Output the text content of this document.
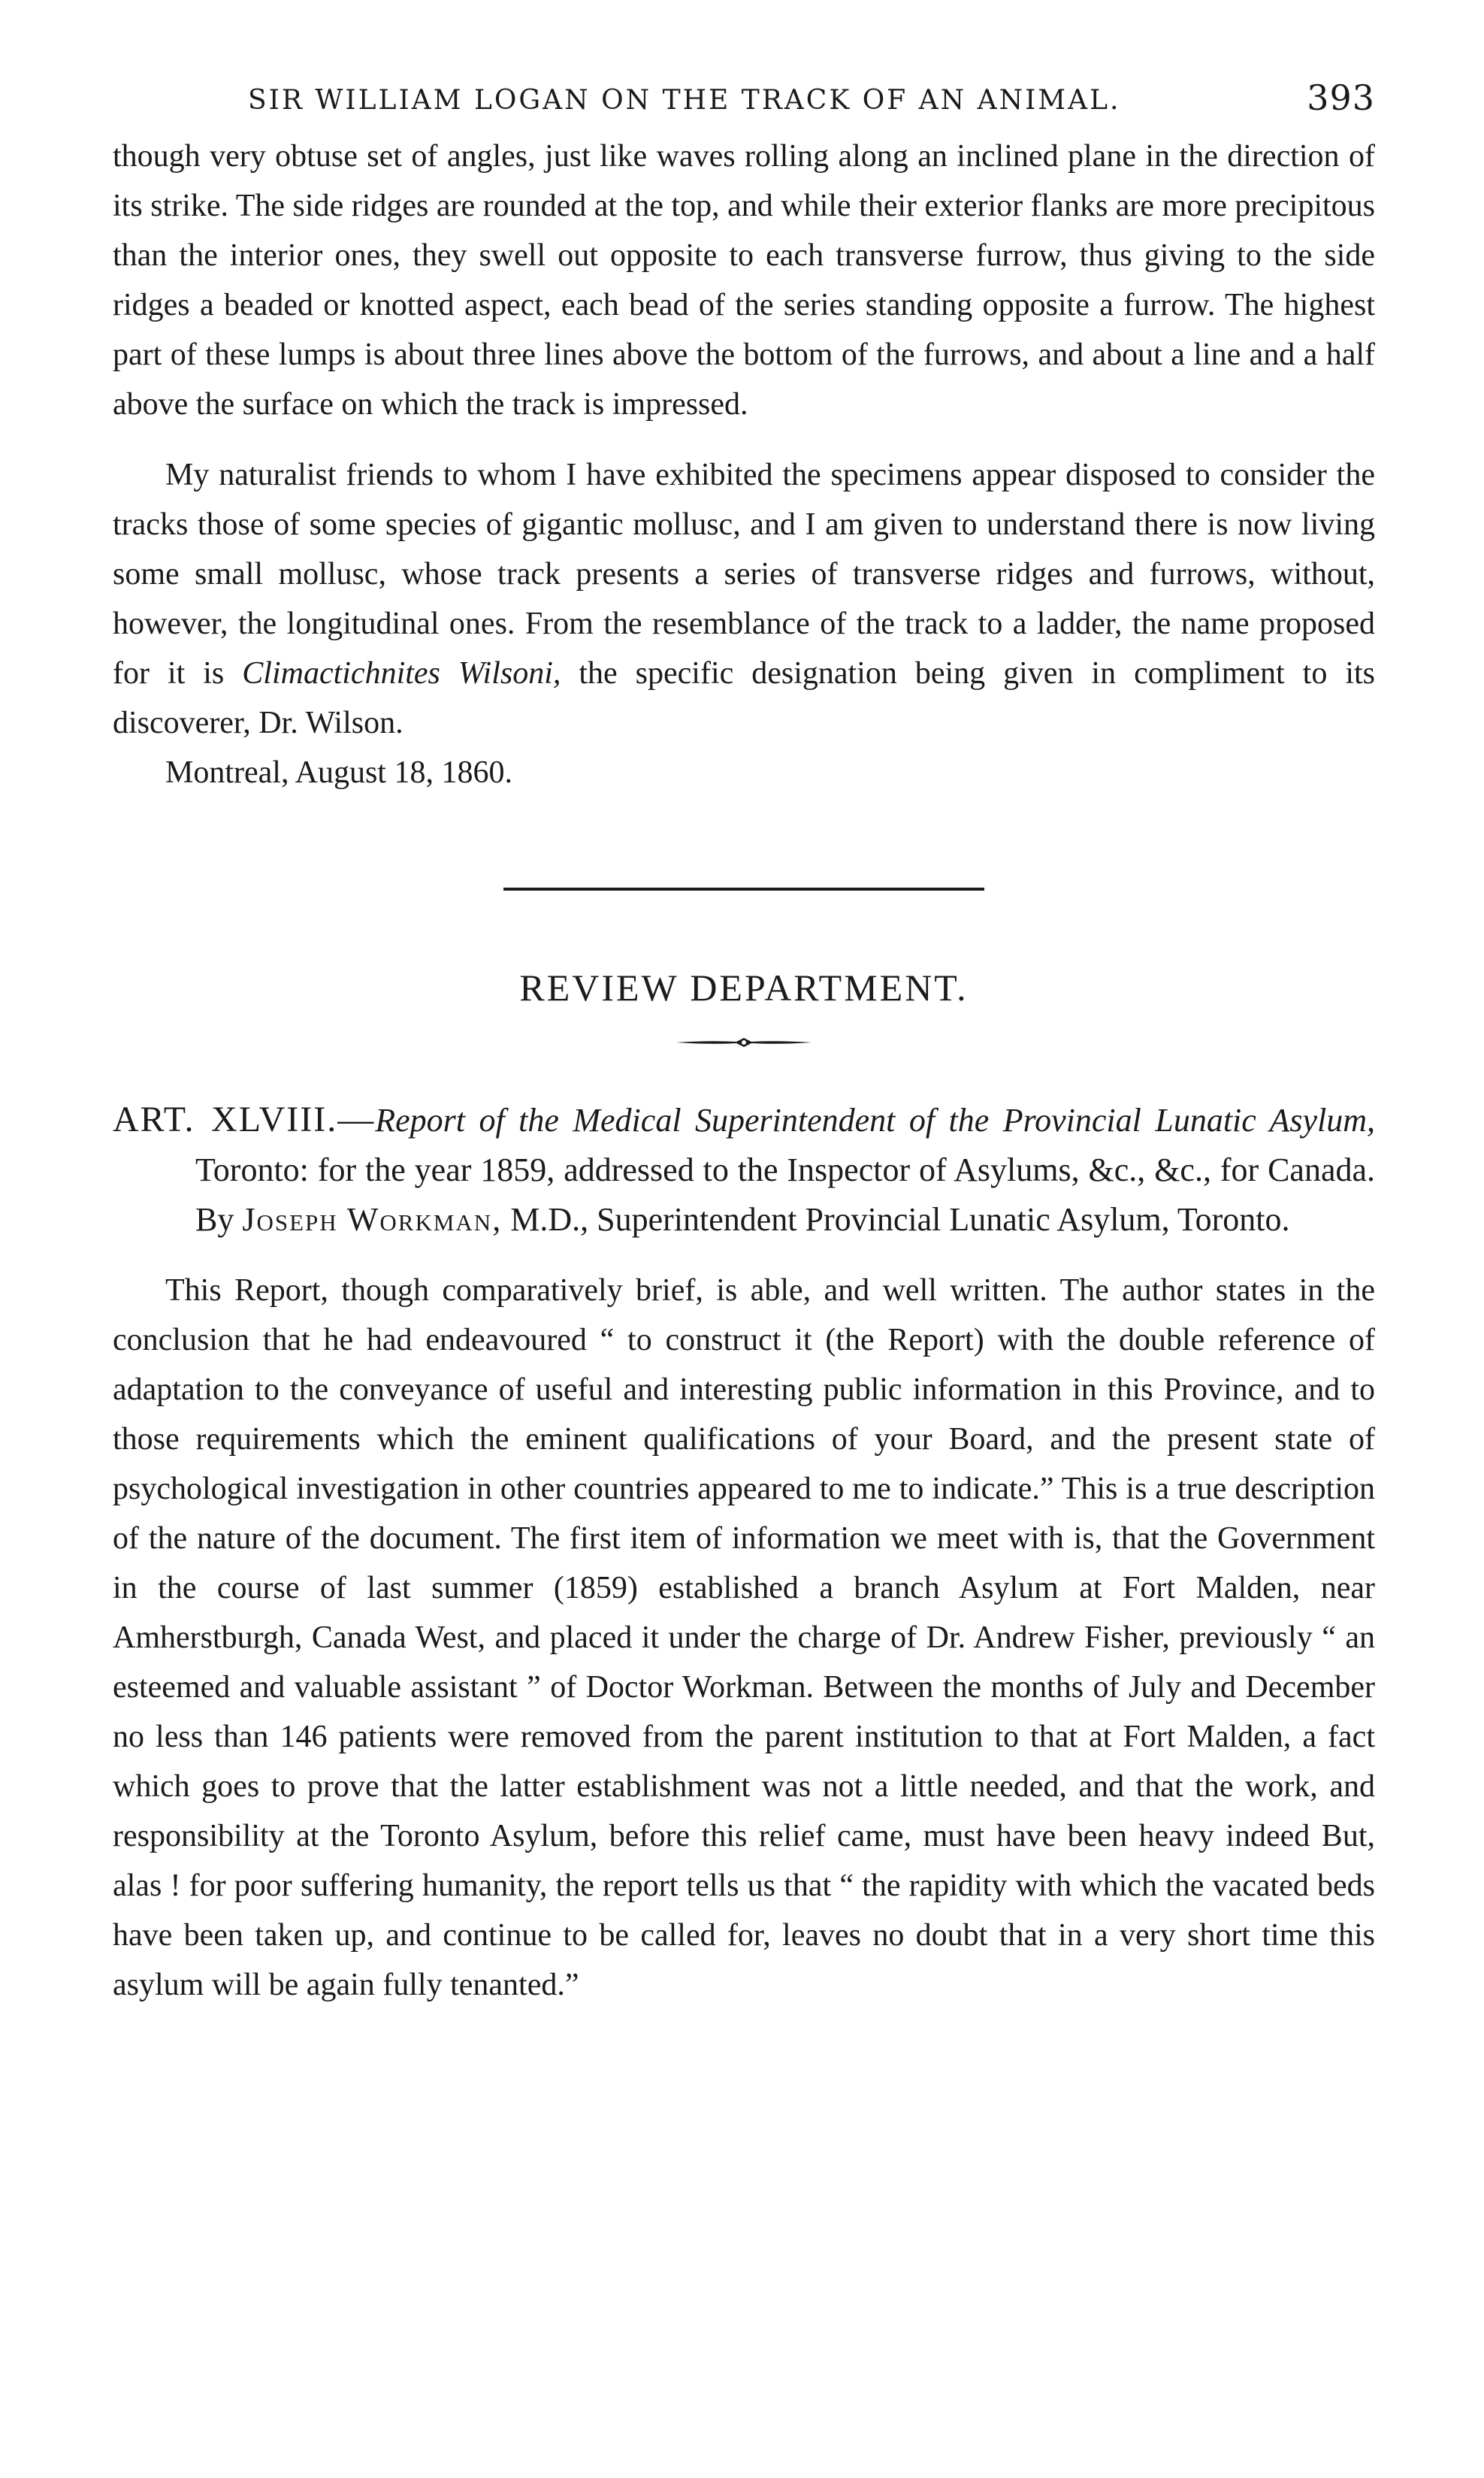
SIR WILLIAM LOGAN ON THE TRACK OF AN ANIMAL.	393

though very obtuse set of angles, just like waves rolling along an inclined plane in the direction of its strike. The side ridges are rounded at the top, and while their exterior flanks are more precipitous than the interior ones, they swell out opposite to each transverse furrow, thus giving to the side ridges a beaded or knotted aspect, each bead of the series standing opposite a furrow. The highest part of these lumps is about three lines above the bottom of the furrows, and about a line and a half above the surface on which the track is impressed.

My naturalist friends to whom I have exhibited the specimens appear disposed to consider the tracks those of some species of gigantic mollusc, and I am given to understand there is now living some small mollusc, whose track presents a series of transverse ridges and furrows, without, however, the longitudinal ones. From the resemblance of the track to a ladder, the name proposed for it is Climactichnites Wilsoni, the specific designation being given in compliment to its discoverer, Dr. Wilson.

Montreal, August 18, 1860.
REVIEW DEPARTMENT.
ART. XLVIII.—Report of the Medical Superintendent of the Provincial Lunatic Asylum, Toronto: for the year 1859, addressed to the Inspector of Asylums, &c., &c., for Canada. By Joseph Workman, M.D., Superintendent Provincial Lunatic Asylum, Toronto.

This Report, though comparatively brief, is able, and well written. The author states in the conclusion that he had endeavoured “ to construct it (the Report) with the double reference of adaptation to the conveyance of useful and interesting public information in this Province, and to those requirements which the eminent qualifications of your Board, and the present state of psychological investigation in other countries appeared to me to indicate.” This is a true description of the nature of the document. The first item of information we meet with is, that the Government in the course of last summer (1859) established a branch Asylum at Fort Malden, near Amherstburgh, Canada West, and placed it under the charge of Dr. Andrew Fisher, previously “ an esteemed and valuable assistant ” of Doctor Workman. Between the months of July and December no less than 146 patients were removed from the parent institution to that at Fort Malden, a fact which goes to prove that the latter establishment was not a little needed, and that the work, and responsibility at the Toronto Asylum, before this relief came, must have been heavy indeed But, alas ! for poor suffering humanity, the report tells us that “ the rapidity with which the vacated beds have been taken up, and continue to be called for, leaves no doubt that in a very short time this asylum will be again fully tenanted.”
